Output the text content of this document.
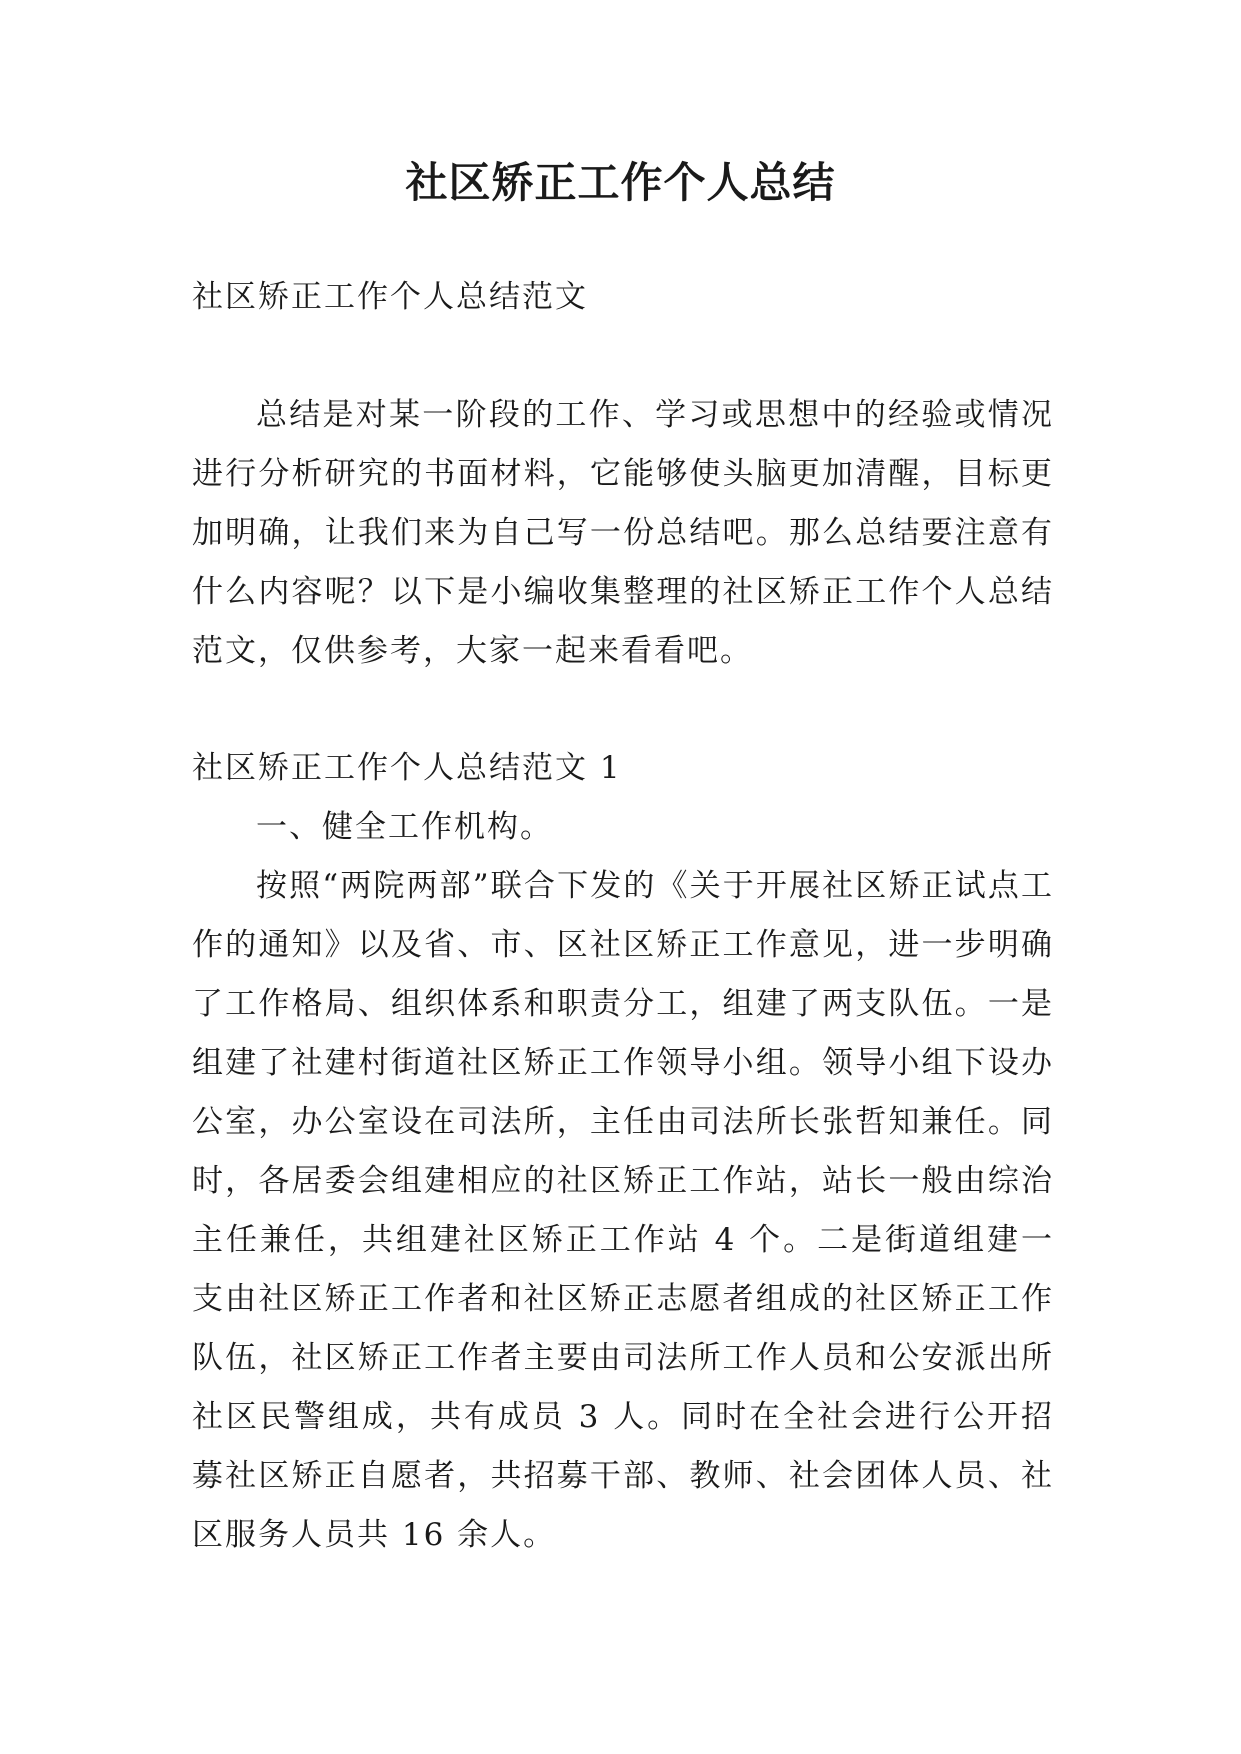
社区矫正工作个人总结

社区矫正工作个人总结范文

总结是对某一阶段的工作、学习或思想中的经验或情况进行分析研究的书面材料，它能够使头脑更加清醒，目标更加明确，让我们来为自己写一份总结吧。那么总结要注意有什么内容呢？以下是小编收集整理的社区矫正工作个人总结范文，仅供参考，大家一起来看看吧。

社区矫正工作个人总结范文 1

一、健全工作机构。

按照“两院两部”联合下发的《关于开展社区矫正试点工作的通知》以及省、市、区社区矫正工作意见，进一步明确了工作格局、组织体系和职责分工，组建了两支队伍。一是组建了社建村街道社区矫正工作领导小组。领导小组下设办公室，办公室设在司法所，主任由司法所长张哲知兼任。同时，各居委会组建相应的社区矫正工作站，站长一般由综治主任兼任，共组建社区矫正工作站 4 个。二是街道组建一支由社区矫正工作者和社区矫正志愿者组成的社区矫正工作队伍，社区矫正工作者主要由司法所工作人员和公安派出所社区民警组成，共有成员 3 人。同时在全社会进行公开招募社区矫正自愿者，共招募干部、教师、社会团体人员、社区服务人员共 16 余人。
